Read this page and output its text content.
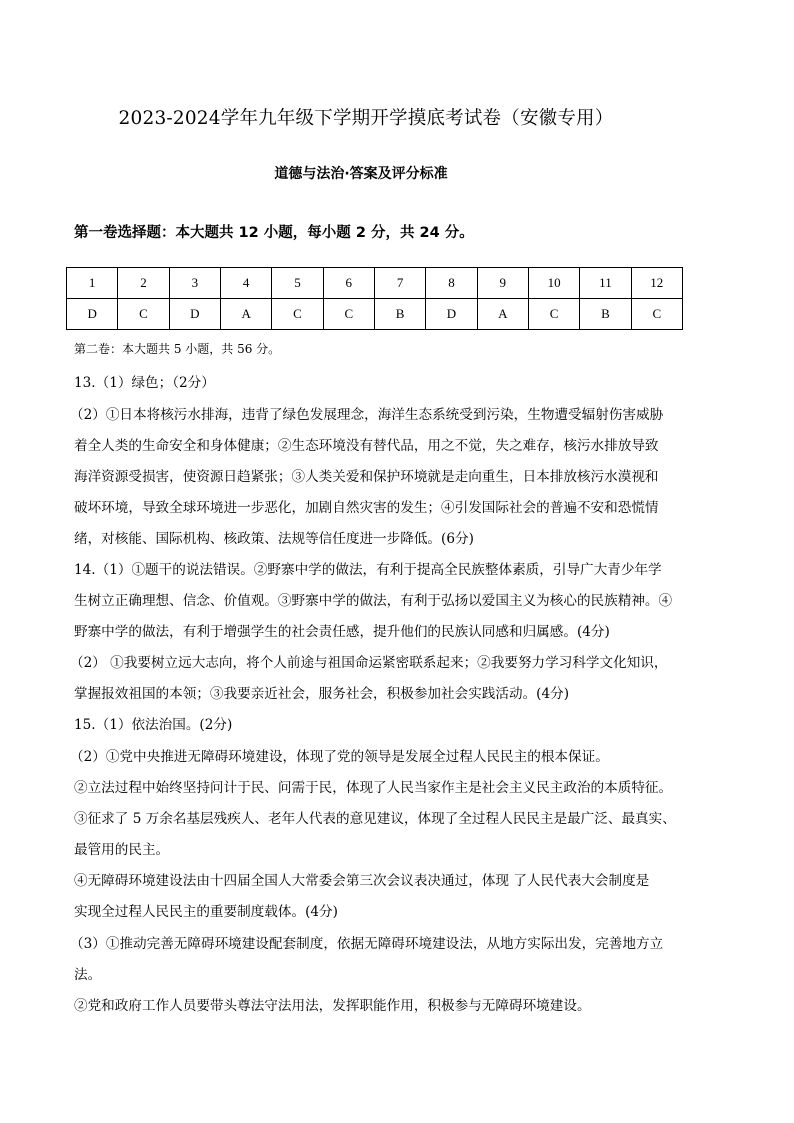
2023-2024学年九年级下学期开学摸底考试卷（安徽专用）
道德与法治·答案及评分标准
第一卷选择题：本大题共 12 小题，每小题 2 分，共 24 分。
1	2	3	4	5	6	7	8	9	10	11	12
D	C	D	A	C	C	B	D	A	C	B	C
第二卷：本大题共 5 小题，共 56 分。
13.（1）绿色；（2分）
（2）①日本将核污水排海，违背了绿色发展理念，海洋生态系统受到污染，生物遭受辐射伤害威胁
着全人类的生命安全和身体健康；②生态环境没有替代品，用之不觉，失之难存，核污水排放导致
海洋资源受损害，使资源日趋紧张；③人类关爱和保护环境就是走向重生，日本排放核污水漠视和
破坏环境，导致全球环境进一步恶化，加剧自然灾害的发生；④引发国际社会的普遍不安和恐慌情
绪，对核能、国际机构、核政策、法规等信任度进一步降低。(6分)
14.（1）①题干的说法错误。②野寨中学的做法，有利于提高全民族整体素质，引导广大青少年学
生树立正确理想、信念、价值观。③野寨中学的做法，有利于弘扬以爱国主义为核心的民族精神。④
野寨中学的做法，有利于增强学生的社会责任感，提升他们的民族认同感和归属感。(4分)
（2） ①我要树立远大志向，将个人前途与祖国命运紧密联系起来；②我要努力学习科学文化知识，
掌握报效祖国的本领；③我要亲近社会，服务社会，积极参加社会实践活动。(4分)
15.（1）依法治国。(2分)
（2）①党中央推进无障碍环境建设，体现了党的领导是发展全过程人民民主的根本保证。
②立法过程中始终坚持问计于民、问需于民，体现了人民当家作主是社会主义民主政治的本质特征。
③征求了 5 万余名基层残疾人、老年人代表的意见建议，体现了全过程人民民主是最广泛、最真实、
最管用的民主。
④无障碍环境建设法由十四届全国人大常委会第三次会议表决通过，体现 了人民代表大会制度是
实现全过程人民民主的重要制度载体。(4分)
（3）①推动完善无障碍环境建设配套制度，依据无障碍环境建设法，从地方实际出发，完善地方立
法。
②党和政府工作人员要带头尊法守法用法，发挥职能作用，积极参与无障碍环境建设。
